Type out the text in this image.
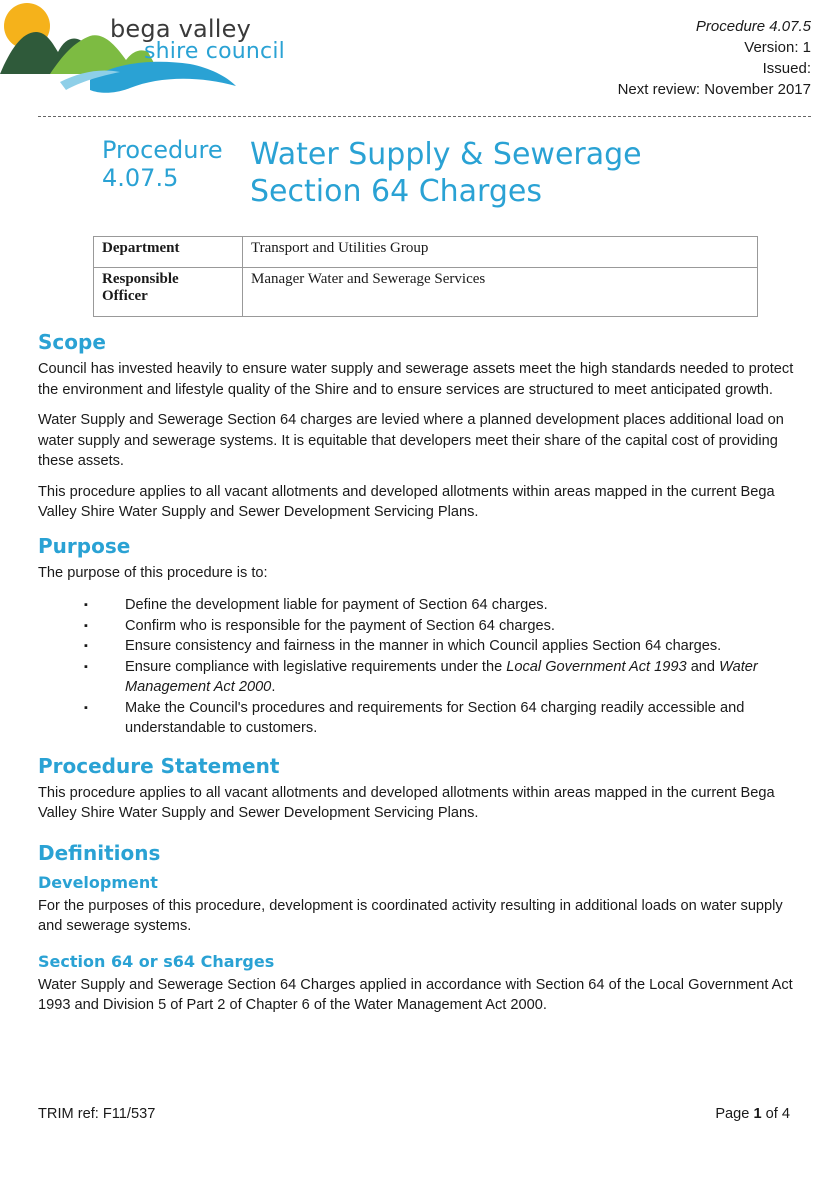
bega valley
shire council
Procedure 4.07.5
Version: 1
Issued:
Next review: November 2017
Procedure
4.07.5
Water Supply & Sewerage
Section 64 Charges
Department	Transport and Utilities Group

Responsible
Officer	Manager Water and Sewerage Services
Scope

Council has invested heavily to ensure water supply and sewerage assets meet the high standards needed to protect the environment and lifestyle quality of the Shire and to ensure services are structured to meet anticipated growth.

Water Supply and Sewerage Section 64 charges are levied where a planned development places additional load on water supply and sewerage systems. It is equitable that developers meet their share of the capital cost of providing these assets.

This procedure applies to all vacant allotments and developed allotments within areas mapped in the current Bega Valley Shire Water Supply and Sewer Development Servicing Plans.

Purpose

The purpose of this procedure is to:

▪	Define the development liable for payment of Section 64 charges.
▪	Confirm who is responsible for the payment of Section 64 charges.
▪	Ensure consistency and fairness in the manner in which Council applies Section 64 charges.
▪	Ensure compliance with legislative requirements under the Local Government Act 1993 and Water Management Act 2000.
▪	Make the Council's procedures and requirements for Section 64 charging readily accessible and understandable to customers.
Procedure Statement

This procedure applies to all vacant allotments and developed allotments within areas mapped in the current Bega Valley Shire Water Supply and Sewer Development Servicing Plans.

Definitions
Development

For the purposes of this procedure, development is coordinated activity resulting in additional loads on water supply and sewerage systems.

Section 64 or s64 Charges

Water Supply and Sewerage Section 64 Charges applied in accordance with Section 64 of the Local Government Act 1993 and Division 5 of Part 2 of Chapter 6 of the Water Management Act 2000.

TRIM ref: F11/537	Page 1 of 4
